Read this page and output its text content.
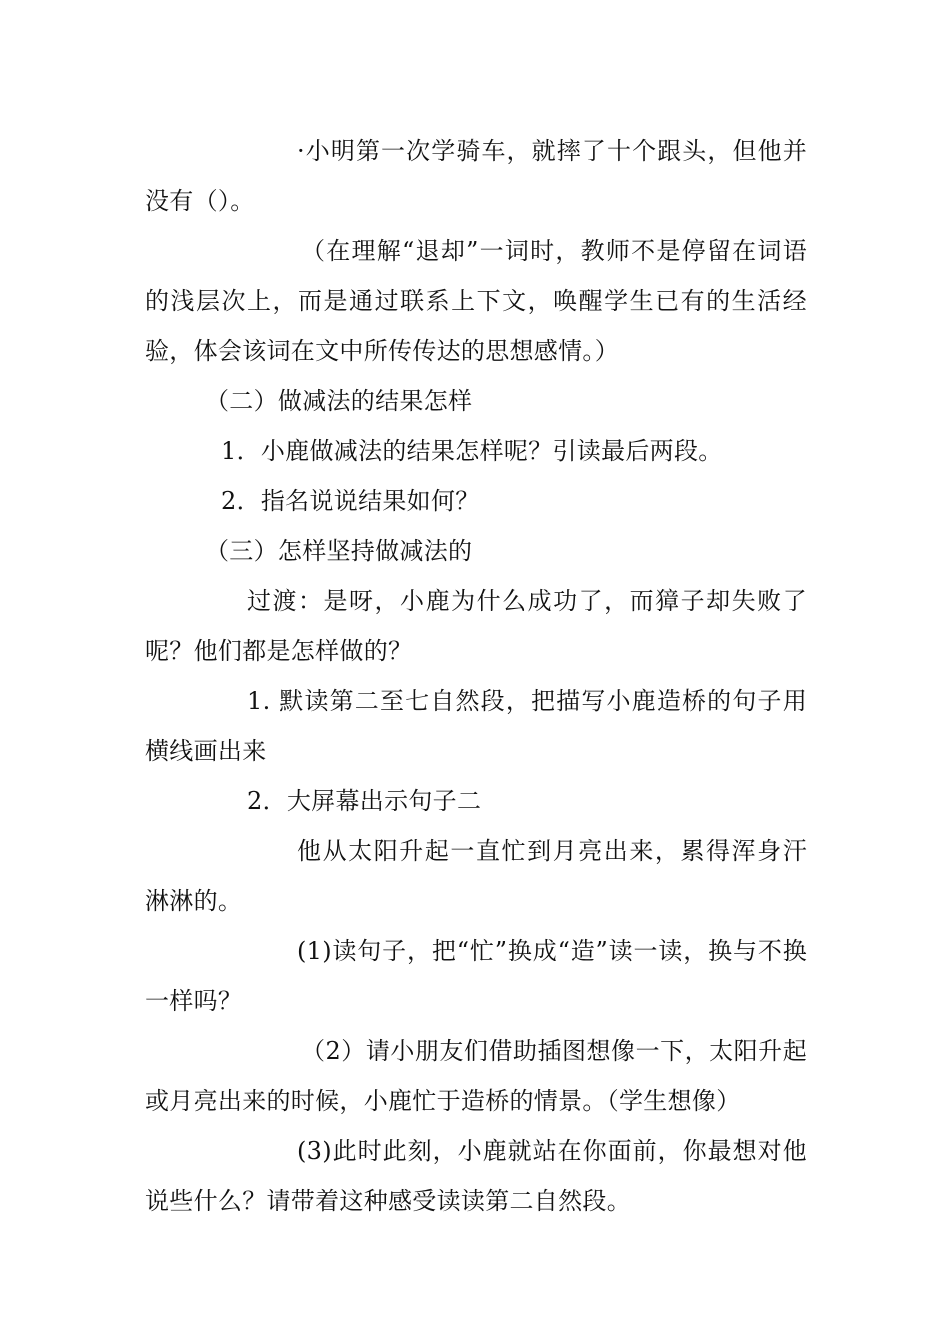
·小明第一次学骑车，就摔了十个跟头，但他并没有（）。

（在理解“退却”一词时，教师不是停留在词语的浅层次上，而是通过联系上下文，唤醒学生已有的生活经验，体会该词在文中所传传达的思想感情。）

（二）做减法的结果怎样

1．小鹿做减法的结果怎样呢？引读最后两段。

2．指名说说结果如何？

（三）怎样坚持做减法的

过渡：是呀，小鹿为什么成功了，而獐子却失败了呢？他们都是怎样做的？

1. 默读第二至七自然段，把描写小鹿造桥的句子用横线画出来

2．大屏幕出示句子二

他从太阳升起一直忙到月亮出来，累得浑身汗淋淋的。

(1)读句子，把“忙”换成“造”读一读，换与不换一样吗？

（2）请小朋友们借助插图想像一下，太阳升起或月亮出来的时候，小鹿忙于造桥的情景。（学生想像）

(3)此时此刻，小鹿就站在你面前，你最想对他说些什么？请带着这种感受读读第二自然段。
